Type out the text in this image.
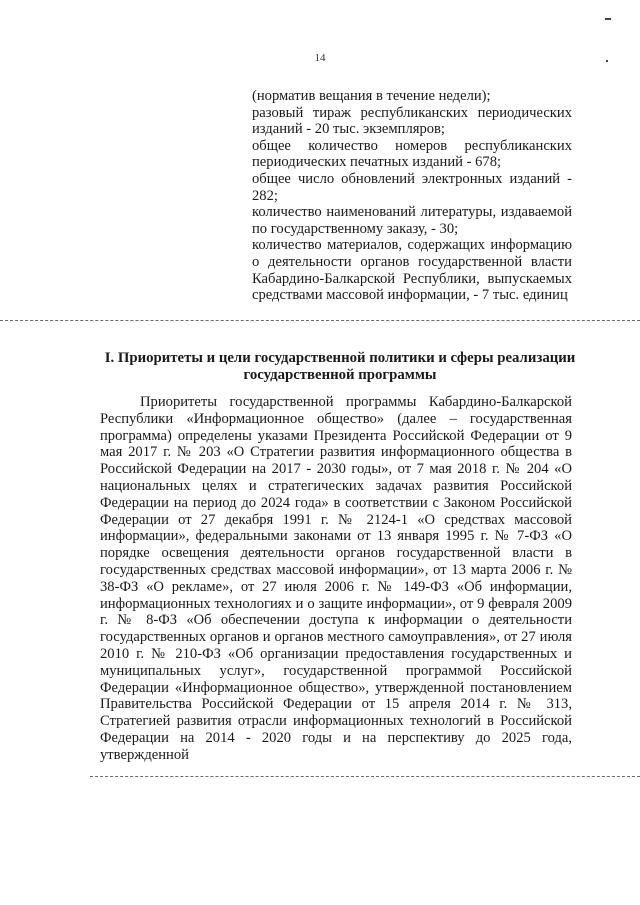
14

(норматив вещания в течение недели);

разовый тираж республиканских периодических изданий - 20 тыс. экземпляров;

общее количество номеров республиканских периодических печатных изданий - 678;

общее число обновлений электронных изданий - 282;

количество наименований литературы, издаваемой по государственному заказу, - 30;

количество материалов, содержащих информацию о деятельности органов государственной власти Кабардино-Балкарской Республики, выпускаемых средствами массовой информации, - 7 тыс. единиц

I. Приоритеты и цели государственной политики и сферы реализации государственной программы

Приоритеты государственной программы Кабардино-Балкарской Республики «Информационное общество» (далее – государственная программа) определены указами Президента Российской Федерации от 9 мая 2017 г. № 203 «О Стратегии развития информационного общества в Российской Федерации на 2017 - 2030 годы», от 7 мая 2018 г. № 204 «О национальных целях и стратегических задачах развития Российской Федерации на период до 2024 года» в соответствии с Законом Российской Федерации от 27 декабря 1991 г. № 2124-1 «О средствах массовой информации», федеральными законами от 13 января 1995 г. № 7-ФЗ «О порядке освещения деятельности органов государственной власти в государственных средствах массовой информации», от 13 марта 2006 г. № 38-ФЗ «О рекламе», от 27 июля 2006 г. № 149-ФЗ «Об информации, информационных технологиях и о защите информации», от 9 февраля 2009 г. № 8-ФЗ «Об обеспечении доступа к информации о деятельности государственных органов и органов местного самоуправления», от 27 июля 2010 г. № 210-ФЗ «Об организации предоставления государственных и муниципальных услуг», государственной программой Российской Федерации «Информационное общество», утвержденной постановлением Правительства Российской Федерации от 15 апреля 2014 г. № 313, Стратегией развития отрасли информационных технологий в Российской Федерации на 2014 - 2020 годы и на перспективу до 2025 года, утвержденной
